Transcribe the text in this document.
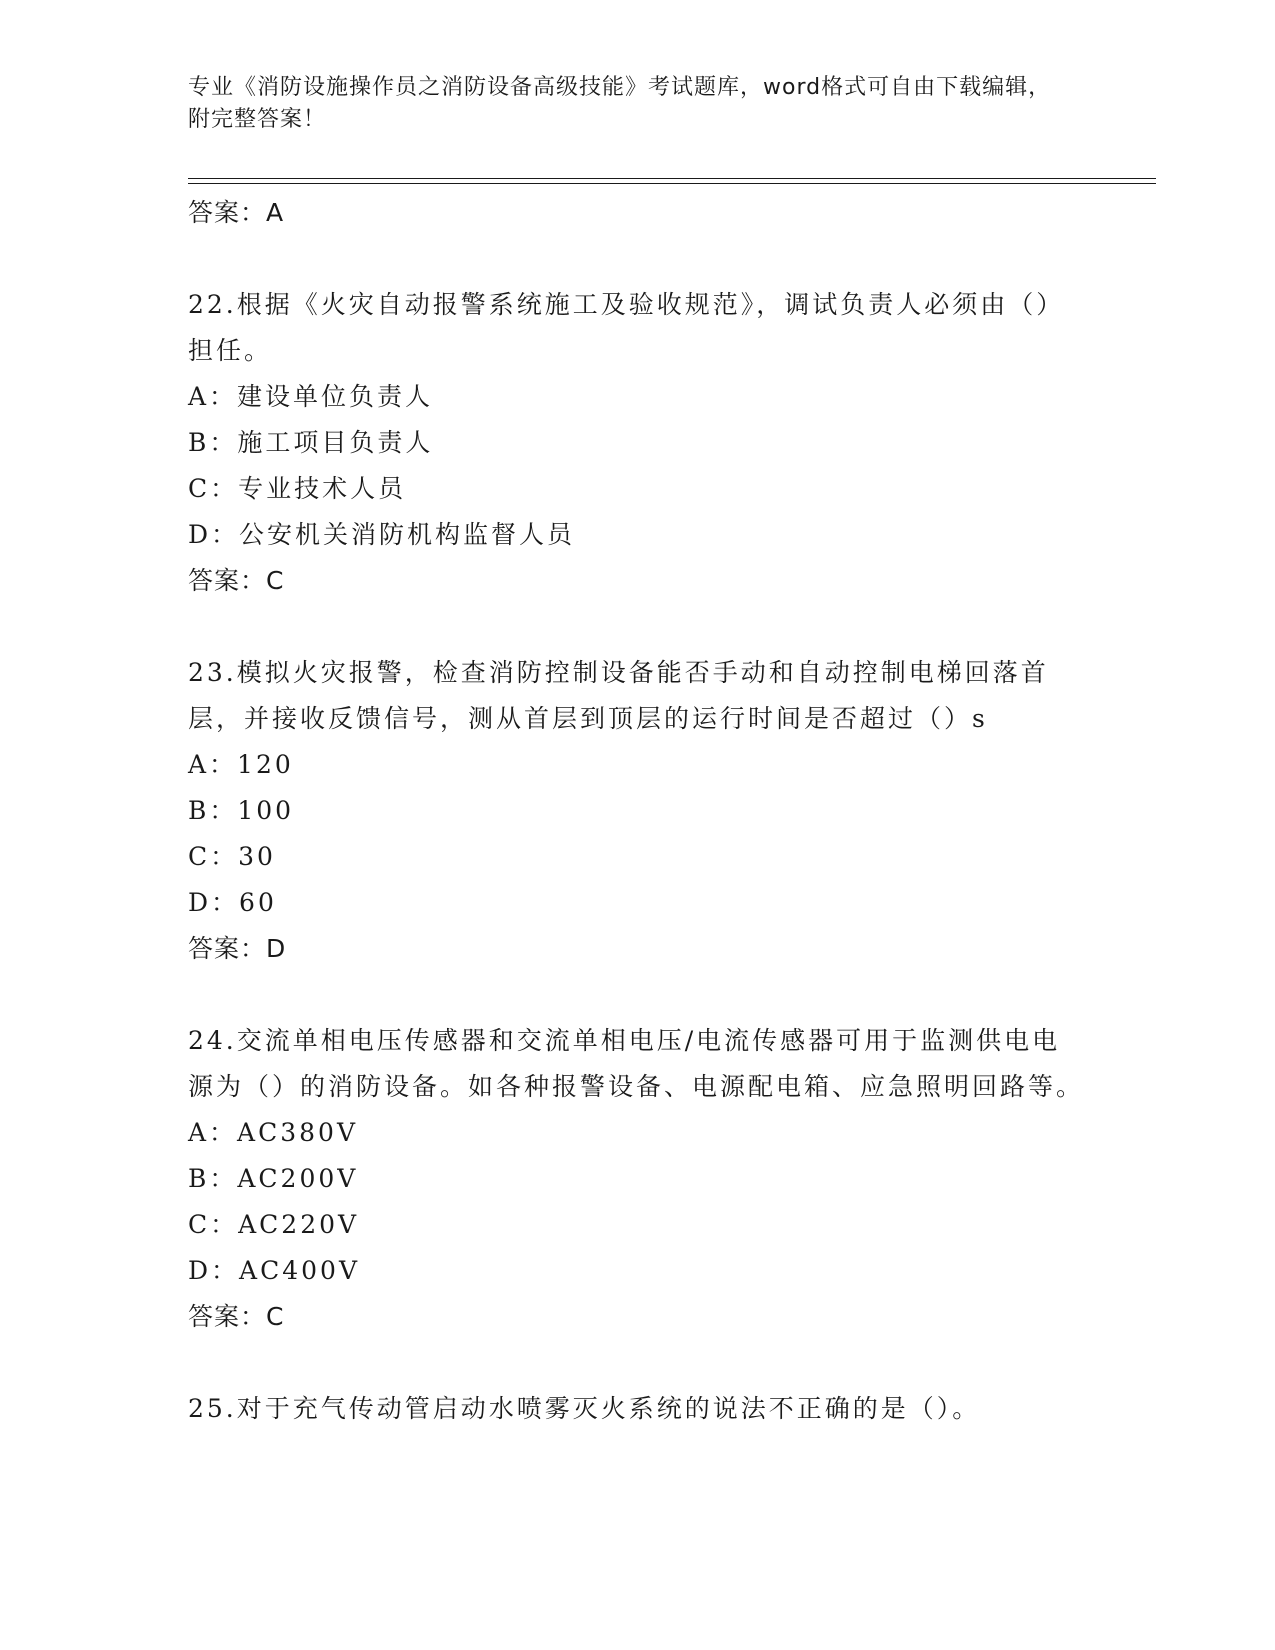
专业《消防设施操作员之消防设备高级技能》考试题库，word格式可自由下载编辑，附完整答案！
答案：A
22.根据《火灾自动报警系统施工及验收规范》，调试负责人必须由（）担任。
A：建设单位负责人
B：施工项目负责人
C：专业技术人员
D：公安机关消防机构监督人员
答案：C
23.模拟火灾报警，检查消防控制设备能否手动和自动控制电梯回落首层，并接收反馈信号，测从首层到顶层的运行时间是否超过（）s
A：120
B：100
C：30
D：60
答案：D
24.交流单相电压传感器和交流单相电压/电流传感器可用于监测供电电源为（）的消防设备。如各种报警设备、电源配电箱、应急照明回路等。
A：AC380V
B：AC200V
C：AC220V
D：AC400V
答案：C
25.对于充气传动管启动水喷雾灭火系统的说法不正确的是（）。
